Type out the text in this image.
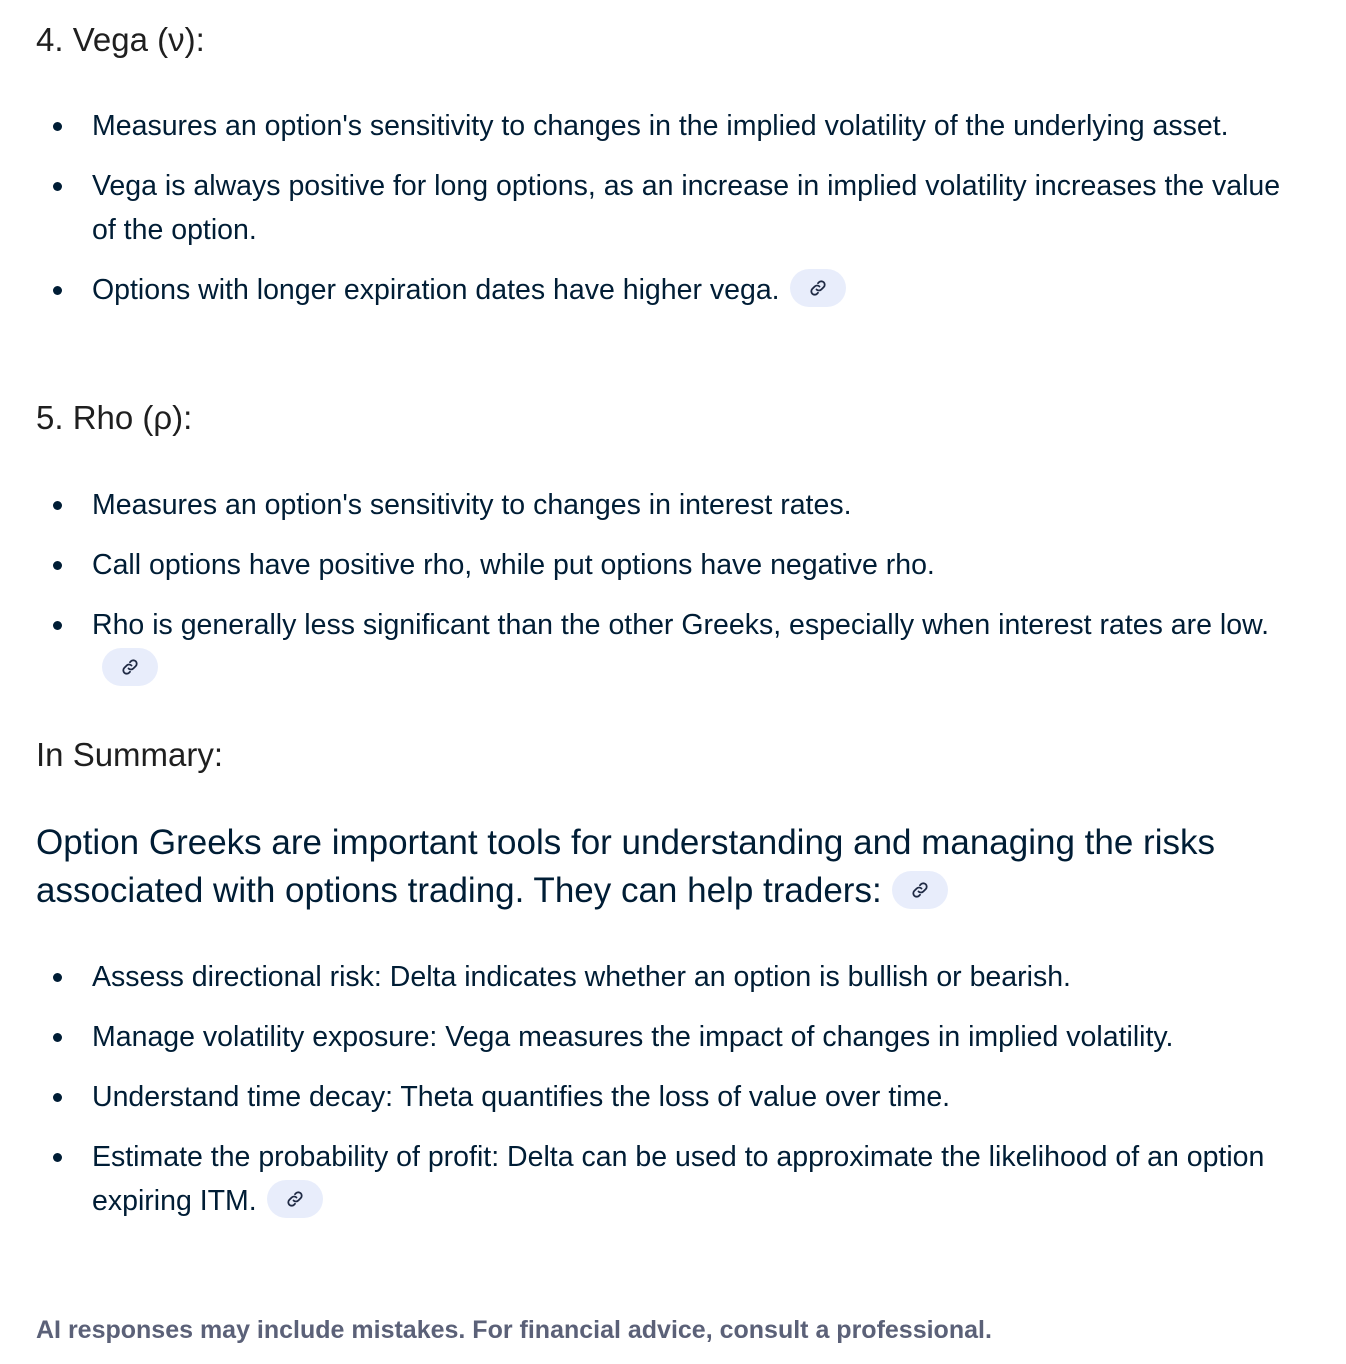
4. Vega (ν):
Measures an option's sensitivity to changes in the implied volatility of the underlying asset.
Vega is always positive for long options, as an increase in implied volatility increases the value of the option.
Options with longer expiration dates have higher vega.
5. Rho (ρ):
Measures an option's sensitivity to changes in interest rates.
Call options have positive rho, while put options have negative rho.
Rho is generally less significant than the other Greeks, especially when interest rates are low.
In Summary:

Option Greeks are important tools for understanding and managing the risks associated with options trading. They can help traders:

Assess directional risk: Delta indicates whether an option is bullish or bearish.
Manage volatility exposure: Vega measures the impact of changes in implied volatility.
Understand time decay: Theta quantifies the loss of value over time.
Estimate the probability of profit: Delta can be used to approximate the likelihood of an option expiring ITM.

AI responses may include mistakes. For financial advice, consult a professional.
